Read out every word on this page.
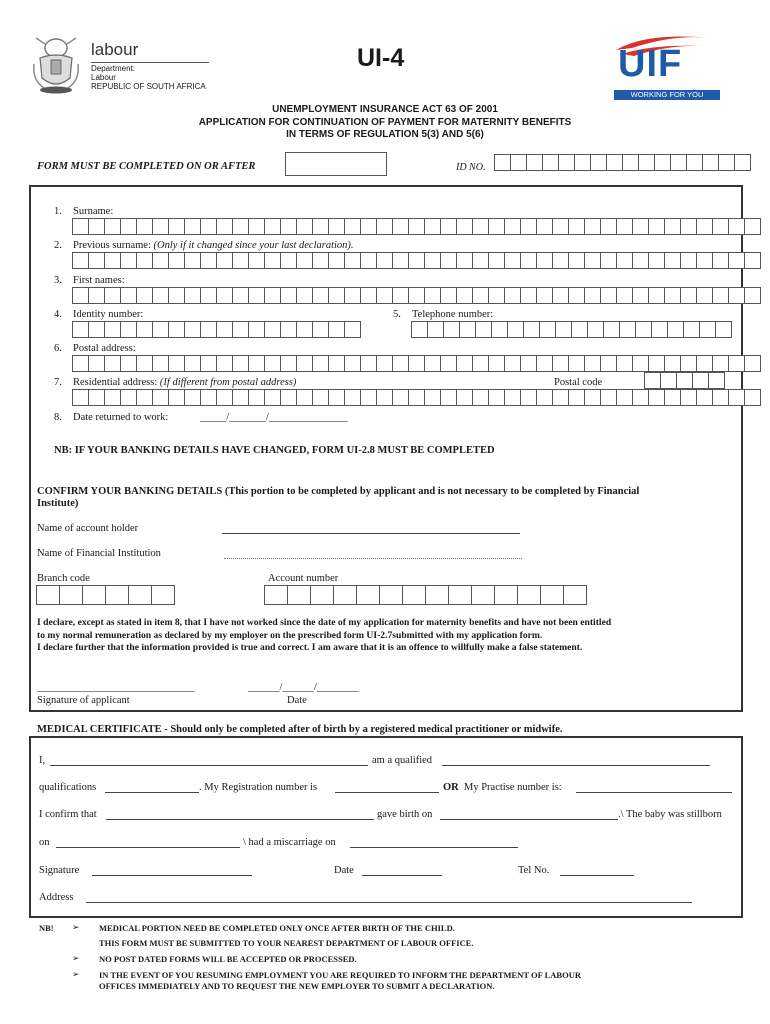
labour
Department:
Labour
REPUBLIC OF SOUTH AFRICA
UI-4	UIF
WORKING FOR YOU
UNEMPLOYMENT INSURANCE ACT 63 OF 2001
APPLICATION FOR CONTINUATION OF PAYMENT FOR MATERNITY BENEFITS
IN TERMS OF REGULATION 5(3) AND 5(6)
FORM MUST BE COMPLETED ON OR AFTER	ID NO.
1. Surname:
2. Previous surname: (Only if it changed since your last declaration).
3. First names:
4. Identity number:	5. Telephone number:
6. Postal address:
7. Residential address: (If different from postal address)	Postal code
8. Date returned to work:	_____/_______/_______________
NB: IF YOUR BANKING DETAILS HAVE CHANGED, FORM UI-2.8 MUST BE COMPLETED
CONFIRM YOUR BANKING DETAILS (This portion to be completed by applicant and is not necessary to be completed by Financial
Institute)
Name of account holder
Name of Financial Institution
Branch code	Account number
I declare, except as stated in item 8, that I have not worked since the date of my application for maternity benefits and have not been entitled
to my normal remuneration as declared by my employer on the prescribed form UI-2.7submitted with my application form.
I declare further that the information provided is true and correct. I am aware that it is an offence to willfully make a false statement.
______________________________	______/______/________
Signature of applicant	Date
MEDICAL CERTIFICATE - Should only be completed after of birth by a registered medical practitioner or midwife.
I,	am a qualified
qualifications	. My Registration number is	OR My Practise number is:
I confirm that	gave birth on	.\ The baby was stillborn
on	\ had a miscarriage on
Signature	Date	Tel No.
Address
NB! ➢ MEDICAL PORTION NEED BE COMPLETED ONLY ONCE AFTER BIRTH OF THE CHILD.
THIS FORM MUST BE SUBMITTED TO YOUR NEAREST DEPARTMENT OF LABOUR OFFICE.
➢ NO POST DATED FORMS WILL BE ACCEPTED OR PROCESSED.
➢ IN THE EVENT OF YOU RESUMING EMPLOYMENT YOU ARE REQUIRED TO INFORM THE DEPARTMENT OF LABOUR
OFFICES IMMEDIATELY AND TO REQUEST THE NEW EMPLOYER TO SUBMIT A DECLARATION.
